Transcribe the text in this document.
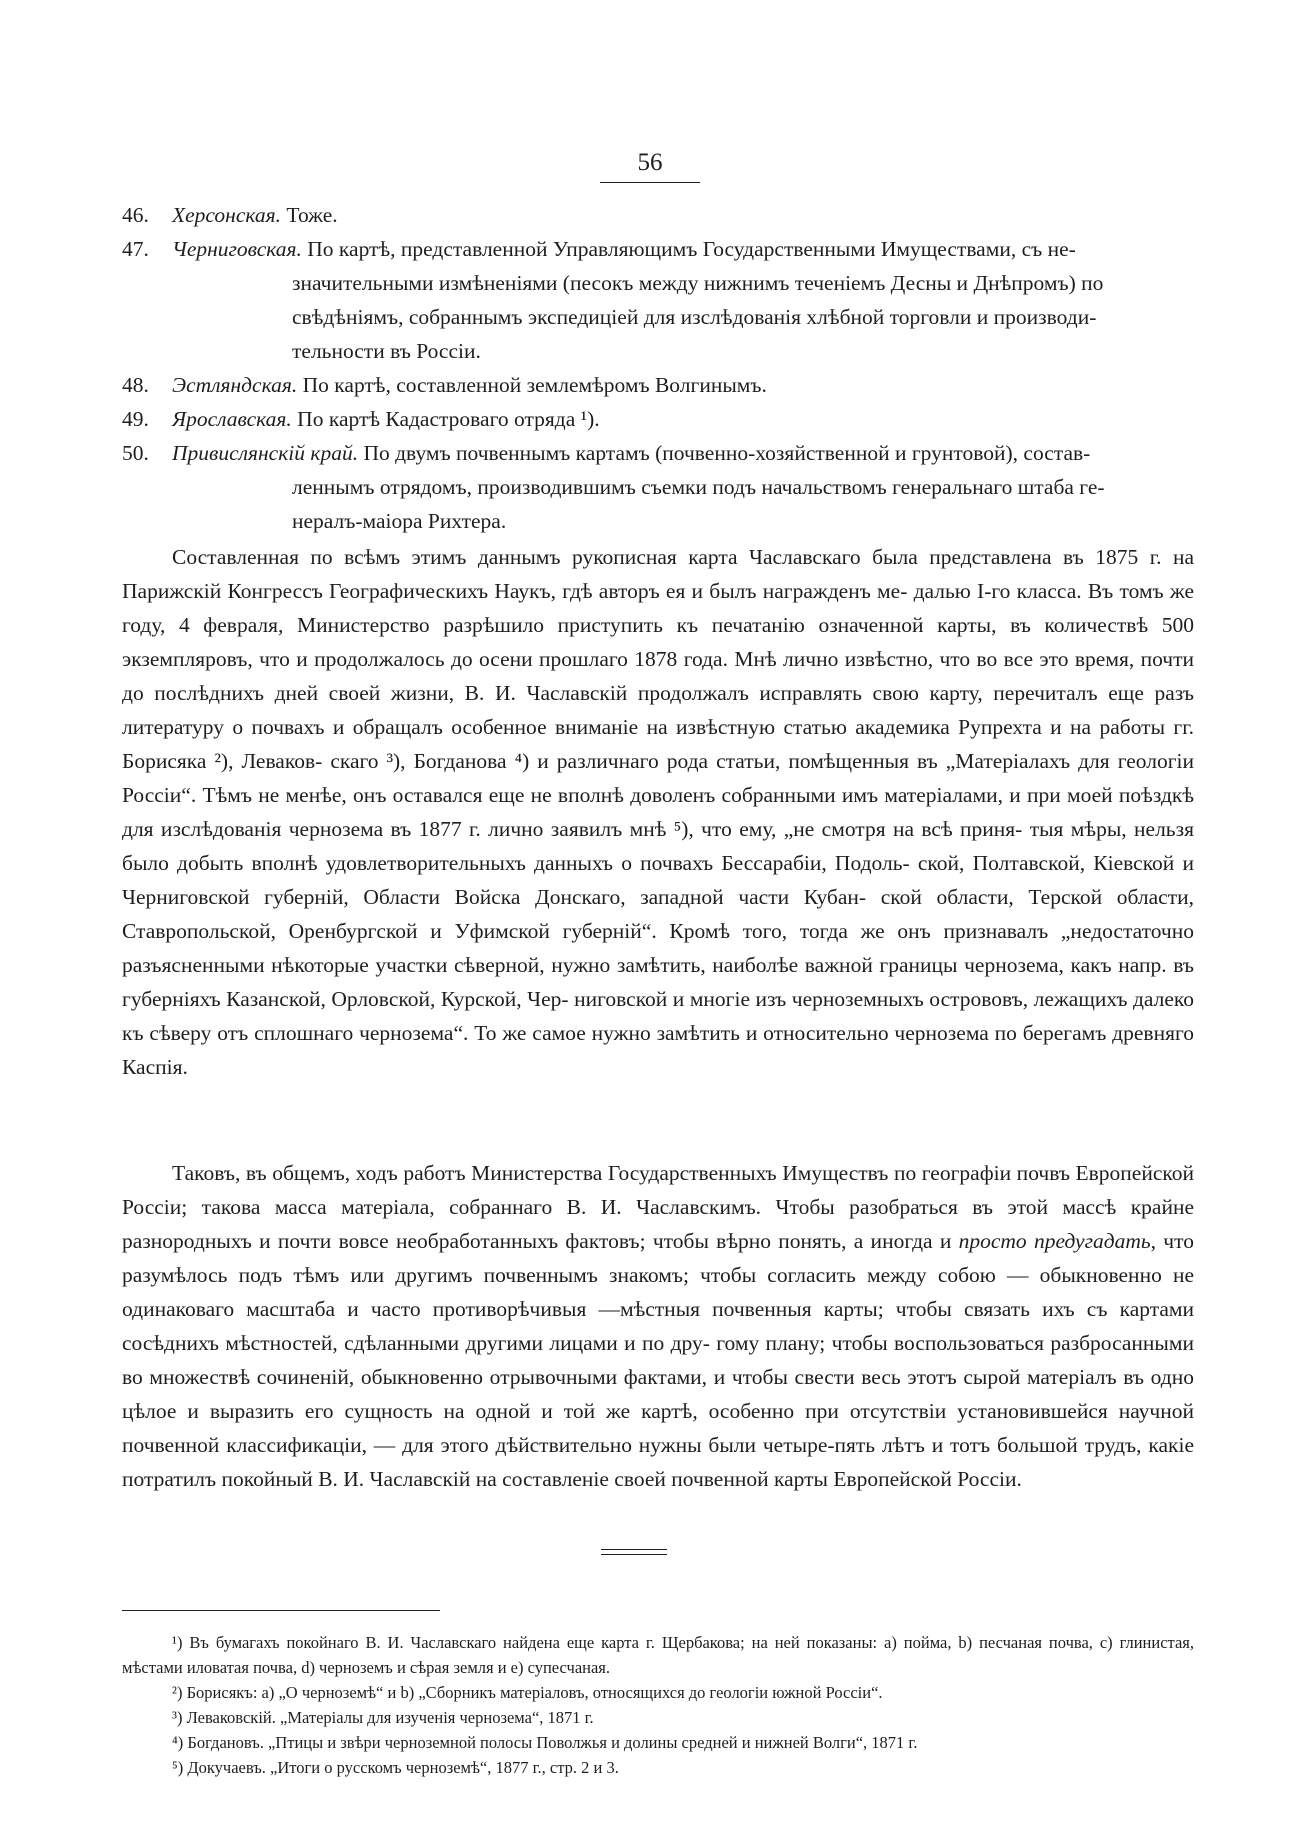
56
46. Херсонская. Тоже.
47. Черниговская. По картѣ, представленной Управляющимъ Государственными Имуществами, съ не-
значительными измѣненіями (песокъ между нижнимъ теченіемъ Десны и Днѣпромъ) по
свѣдѣніямъ, собраннымъ экспедиціей для изслѣдованія хлѣбной торговли и производи-
тельности въ Россіи.
48. Эстляндская. По картѣ, составленной землемѣромъ Волгинымъ.
49. Ярославская. По картѣ Кадастроваго отряда ¹).
50. Привислянскій край. По двумъ почвеннымъ картамъ (почвенно-хозяйственной и грунтовой), состав-
леннымъ отрядомъ, производившимъ съемки подъ начальствомъ генеральнаго штаба ге-
нералъ-маіора Рихтера.

Составленная по всѣмъ этимъ даннымъ рукописная карта Чаславскаго была представлена въ 1875 г. на Парижскій Конгрессъ Географическихъ Наукъ, гдѣ авторъ ея и былъ награжденъ ме- далью I-го класса. Въ томъ же году, 4 февраля, Министерство разрѣшило приступить къ печатанію означенной карты, въ количествѣ 500 экземпляровъ, что и продолжалось до осени прошлаго 1878 года. Мнѣ лично извѣстно, что во все это время, почти до послѣднихъ дней своей жизни, В. И. Чаславскій продолжалъ исправлять свою карту, перечиталъ еще разъ литературу о почвахъ и обращалъ особенное вниманіе на извѣстную статью академика Рупрехта и на работы гг. Борисяка ²), Леваков- скаго ³), Богданова ⁴) и различнаго рода статьи, помѣщенныя въ „Матеріалахъ для геологіи Россіи“. Тѣмъ не менѣе, онъ оставался еще не вполнѣ доволенъ собранными имъ матеріалами, и при моей поѣздкѣ для изслѣдованія чернозема въ 1877 г. лично заявилъ мнѣ ⁵), что ему, „не смотря на всѣ приня- тыя мѣры, нельзя было добыть вполнѣ удовлетворительныхъ данныхъ о почвахъ Бессарабіи, Подоль- ской, Полтавской, Кіевской и Черниговской губерній, Области Войска Донскаго, западной части Кубан- ской области, Терской области, Ставропольской, Оренбургской и Уфимской губерній“. Кромѣ того, тогда же онъ признавалъ „недостаточно разъясненными нѣкоторые участки сѣверной, нужно замѣтить, наиболѣе важной границы чернозема, какъ напр. въ губерніяхъ Казанской, Орловской, Курской, Чер- ниговской и многіе изъ черноземныхъ острововъ, лежащихъ далеко къ сѣверу отъ сплошнаго чернозема“. То же самое нужно замѣтить и относительно чернозема по берегамъ древняго Каспія.

Таковъ, въ общемъ, ходъ работъ Министерства Государственныхъ Имуществъ по географіи почвъ Европейской Россіи; такова масса матеріала, собраннаго В. И. Чаславскимъ. Чтобы разобраться въ этой массѣ крайне разнородныхъ и почти вовсе необработанныхъ фактовъ; чтобы вѣрно понять, а иногда и просто предугадать, что разумѣлось подъ тѣмъ или другимъ почвеннымъ знакомъ; чтобы согласить между собою — обыкновенно не одинаковаго масштаба и часто противорѣчивыя —мѣстныя почвенныя карты; чтобы связать ихъ съ картами сосѣднихъ мѣстностей, сдѣланными другими лицами и по дру- гому плану; чтобы воспользоваться разбросанными во множествѣ сочиненій, обыкновенно отрывочными фактами, и чтобы свести весь этотъ сырой матеріалъ въ одно цѣлое и выразить его сущность на одной и той же картѣ, особенно при отсутствіи установившейся научной почвенной классификаціи, — для этого дѣйствительно нужны были четыре-пять лѣтъ и тотъ большой трудъ, какіе потратилъ покойный В. И. Чаславскій на составленіе своей почвенной карты Европейской Россіи.

¹) Въ бумагахъ покойнаго В. И. Чаславскаго найдена еще карта г. Щербакова; на ней показаны: a) пойма, b) песчаная почва, c) глинистая, мѣстами иловатая почва, d) черноземъ и сѣрая земля и e) супесчаная.
²) Борисякъ: a) „О черноземѣ“ и b) „Сборникъ матеріаловъ, относящихся до геологіи южной Россіи“.
³) Леваковскій. „Матеріалы для изученія чернозема“, 1871 г.
⁴) Богдановъ. „Птицы и звѣри черноземной полосы Поволжья и долины средней и нижней Волги“, 1871 г.
⁵) Докучаевъ. „Итоги о русскомъ черноземѣ“, 1877 г., стр. 2 и 3.
